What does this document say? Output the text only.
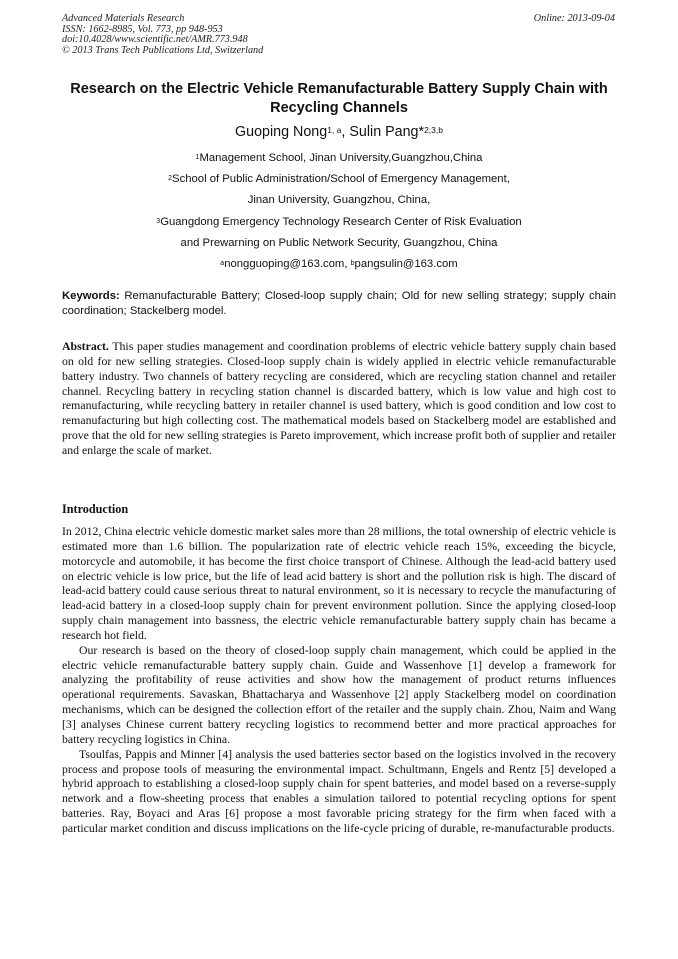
Advanced Materials Research
ISSN: 1662-8985, Vol. 773, pp 948-953
doi:10.4028/www.scientific.net/AMR.773.948
© 2013 Trans Tech Publications Ltd, Switzerland
Online: 2013-09-04
Research on the Electric Vehicle Remanufacturable Battery Supply Chain with Recycling Channels
Guoping Nong$^{1, a}$, Sulin Pang*$^{2,3,b}$
$^1$Management School, Jinan University,Guangzhou,China
$^2$School of Public Administration/School of Emergency Management,
Jinan University, Guangzhou, China,
$^3$Guangdong Emergency Technology Research Center of Risk Evaluation
and Prewarning on Public Network Security, Guangzhou, China
$^a$nongguoping@163.com, $^b$pangsulin@163.com
Keywords: Remanufacturable Battery; Closed-loop supply chain; Old for new selling strategy; supply chain coordination; Stackelberg model.
Abstract. This paper studies management and coordination problems of electric vehicle battery supply chain based on old for new selling strategies. Closed-loop supply chain is widely applied in electric vehicle remanufacturable battery industry. Two channels of battery recycling are considered, which are recycling station channel and retailer channel. Recycling battery in recycling station channel is discarded battery, which is low value and high cost to remanufacturing, while recycling battery in retailer channel is used battery, which is good condition and low cost to remanufacturing but high collecting cost. The mathematical models based on Stackelberg model are established and prove that the old for new selling strategies is Pareto improvement, which increase profit both of supplier and retailer and enlarge the scale of market.
Introduction

In 2012, China electric vehicle domestic market sales more than 28 millions, the total ownership of electric vehicle is estimated more than 1.6 billion. The popularization rate of electric vehicle reach 15%, exceeding the bicycle, motorcycle and automobile, it has become the first choice transport of Chinese. Although the lead-acid battery used on electric vehicle is low price, but the life of lead acid battery is short and the pollution risk is high. The discard of lead-acid battery could cause serious threat to natural environment, so it is necessary to recycle the manufacturing of lead-acid battery in a closed-loop supply chain for prevent environment pollution. Since the applying closed-loop supply chain management into bassness, the electric vehicle remanufacturable battery supply chain has became a research hot field.

Our research is based on the theory of closed-loop supply chain management, which could be applied in the electric vehicle remanufacturable battery supply chain. Guide and Wassenhove [1] develop a framework for analyzing the profitability of reuse activities and show how the management of product returns influences operational requirements. Savaskan, Bhattacharya and Wassenhove [2] apply Stackelberg model on coordination mechanisms, which can be designed the collection effort of the retailer and the supply chain. Zhou, Naim and Wang [3] analyses Chinese current battery recycling logistics to recommend better and more practical approaches for battery recycling logistics in China.

Tsoulfas, Pappis and Minner [4] analysis the used batteries sector based on the logistics involved in the recovery process and propose tools of measuring the environmental impact. Schultmann, Engels and Rentz [5] developed a hybrid approach to establishing a closed-loop supply chain for spent batteries, and model based on a reverse-supply network and a flow-sheeting process that enables a simulation tailored to potential recycling options for spent batteries. Ray, Boyaci and Aras [6] propose a most favorable pricing strategy for the firm when faced with a particular market condition and discuss implications on the life-cycle pricing of durable, re-manufacturable products.
